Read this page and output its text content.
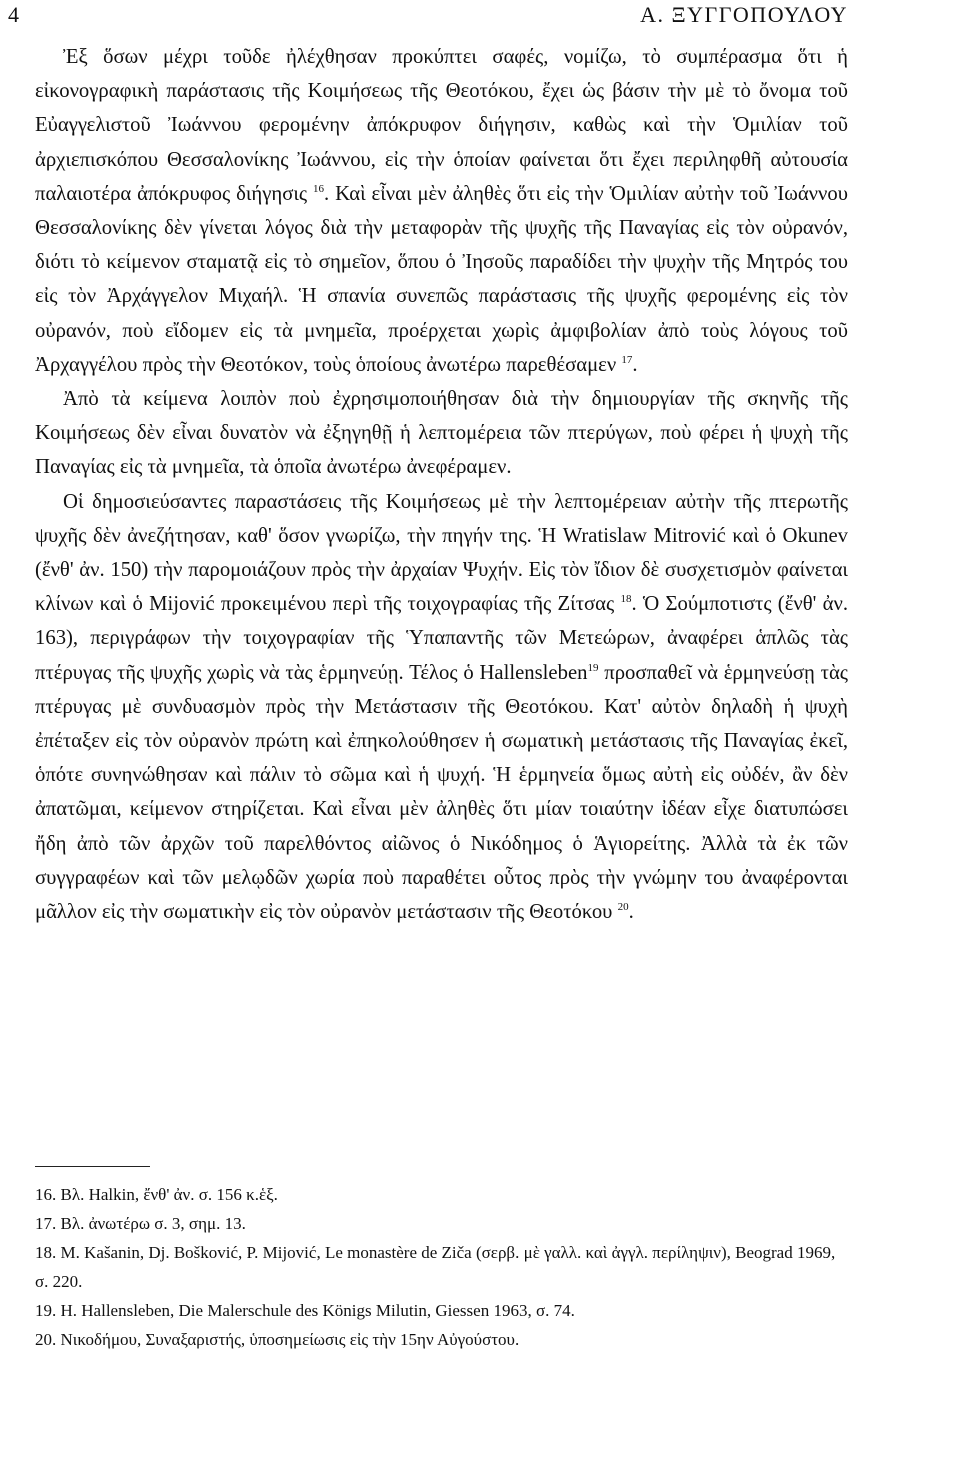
4	Α. ΞΥΓΓΟΠΟΥΛΟΥ

Ἐξ ὅσων μέχρι τοῦδε ἠλέχθησαν προκύπτει σαφές, νομίζω, τὸ συμπέρασμα ὅτι ἡ εἰκονογραφικὴ παράστασις τῆς Κοιμήσεως τῆς Θεοτόκου, ἔχει ὡς βάσιν τὴν μὲ τὸ ὄνομα τοῦ Εὐαγγελιστοῦ Ἰωάννου φερομένην ἀπόκρυφον διήγησιν, καθὼς καὶ τὴν Ὁμιλίαν τοῦ ἀρχιεπισκόπου Θεσσαλονίκης Ἰωάννου, εἰς τὴν ὁποίαν φαίνεται ὅτι ἔχει περιληφθῆ αὐτουσία παλαιοτέρα ἀπόκρυφος διήγησις $^{16}$. Καὶ εἶναι μὲν ἀληθὲς ὅτι εἰς τὴν Ὁμιλίαν αὐτὴν τοῦ Ἰωάννου Θεσσαλονίκης δὲν γίνεται λόγος διὰ τὴν μεταφορὰν τῆς ψυχῆς τῆς Παναγίας εἰς τὸν οὐρανόν, διότι τὸ κείμενον σταματᾷ εἰς τὸ σημεῖον, ὅπου ὁ Ἰησοῦς παραδίδει τὴν ψυχὴν τῆς Μητρός του εἰς τὸν Ἀρχάγγελον Μιχαήλ. Ἡ σπανία συνεπῶς παράστασις τῆς ψυχῆς φερομένης εἰς τὸν οὐρανόν, ποὺ εἴδομεν εἰς τὰ μνημεῖα, προέρχεται χωρὶς ἀμφιβολίαν ἀπὸ τοὺς λόγους τοῦ Ἀρχαγγέλου πρὸς τὴν Θεοτόκον, τοὺς ὁποίους ἀνωτέρω παρεθέσαμεν $^{17}$.

Ἀπὸ τὰ κείμενα λοιπὸν ποὺ ἐχρησιμοποιήθησαν διὰ τὴν δημιουργίαν τῆς σκηνῆς τῆς Κοιμήσεως δὲν εἶναι δυνατὸν νὰ ἐξηγηθῇ ἡ λεπτομέρεια τῶν πτερύγων, ποὺ φέρει ἡ ψυχὴ τῆς Παναγίας εἰς τὰ μνημεῖα, τὰ ὁποῖα ἀνωτέρω ἀνεφέραμεν.

Οἱ δημοσιεύσαντες παραστάσεις τῆς Κοιμήσεως μὲ τὴν λεπτομέρειαν αὐτὴν τῆς πτερωτῆς ψυχῆς δὲν ἀνεζήτησαν, καθ' ὅσον γνωρίζω, τὴν πηγήν της. Ἡ Wratislaw Mitrović καὶ ὁ Okunev (ἔνθ' ἀν. 150) τὴν παρομοιάζουν πρὸς τὴν ἀρχαίαν Ψυχήν. Εἰς τὸν ἴδιον δὲ συσχετισμὸν φαίνεται κλίνων καὶ ὁ Mijović προκειμένου περὶ τῆς τοιχογραφίας τῆς Ζίτσας $^{18}$. Ὁ Σούμποτιστς (ἔνθ' ἀν. 163), περιγράφων τὴν τοιχογραφίαν τῆς Ὑπαπαντῆς τῶν Μετεώρων, ἀναφέρει ἁπλῶς τὰς πτέρυγας τῆς ψυχῆς χωρὶς νὰ τὰς ἑρμηνεύῃ. Τέλος ὁ Hallensleben$^{19}$ προσπαθεῖ νὰ ἑρμηνεύσῃ τὰς πτέρυγας μὲ συνδυασμὸν πρὸς τὴν Μετάστασιν τῆς Θεοτόκου. Κατ' αὐτὸν δηλαδὴ ἡ ψυχὴ ἐπέταξεν εἰς τὸν οὐρανὸν πρώτη καὶ ἐπηκολούθησεν ἡ σωματικὴ μετάστασις τῆς Παναγίας ἐκεῖ, ὁπότε συνηνώθησαν καὶ πάλιν τὸ σῶμα καὶ ἡ ψυχή. Ἡ ἑρμηνεία ὅμως αὐτὴ εἰς οὐδέν, ἂν δὲν ἀπατῶμαι, κείμενον στηρίζεται. Καὶ εἶναι μὲν ἀληθὲς ὅτι μίαν τοιαύτην ἰδέαν εἶχε διατυπώσει ἤδη ἀπὸ τῶν ἀρχῶν τοῦ παρελθόντος αἰῶνος ὁ Νικόδημος ὁ Ἁγιορείτης. Ἀλλὰ τὰ ἐκ τῶν συγγραφέων καὶ τῶν μελῳδῶν χωρία ποὺ παραθέτει οὗτος πρὸς τὴν γνώμην του ἀναφέρονται μᾶλλον εἰς τὴν σωματικὴν εἰς τὸν οὐρανὸν μετάστασιν τῆς Θεοτόκου $^{20}$.

16. Βλ. Halkin, ἔνθ' ἀν. σ. 156 κ.ἑξ.

17. Βλ. ἀνωτέρω σ. 3, σημ. 13.

18. M. Kašanin, Dj. Bošković, P. Mijović, Le monastère de Ziča (σερβ. μὲ γαλλ. καὶ ἀγγλ. περίληψιν), Beograd 1969, σ. 220.

19. H. Hallensleben, Die Malerschule des Königs Milutin, Giessen 1963, σ. 74.

20. Νικοδήμου, Συναξαριστής, ὑποσημείωσις εἰς τὴν 15ην Αὐγούστου.
